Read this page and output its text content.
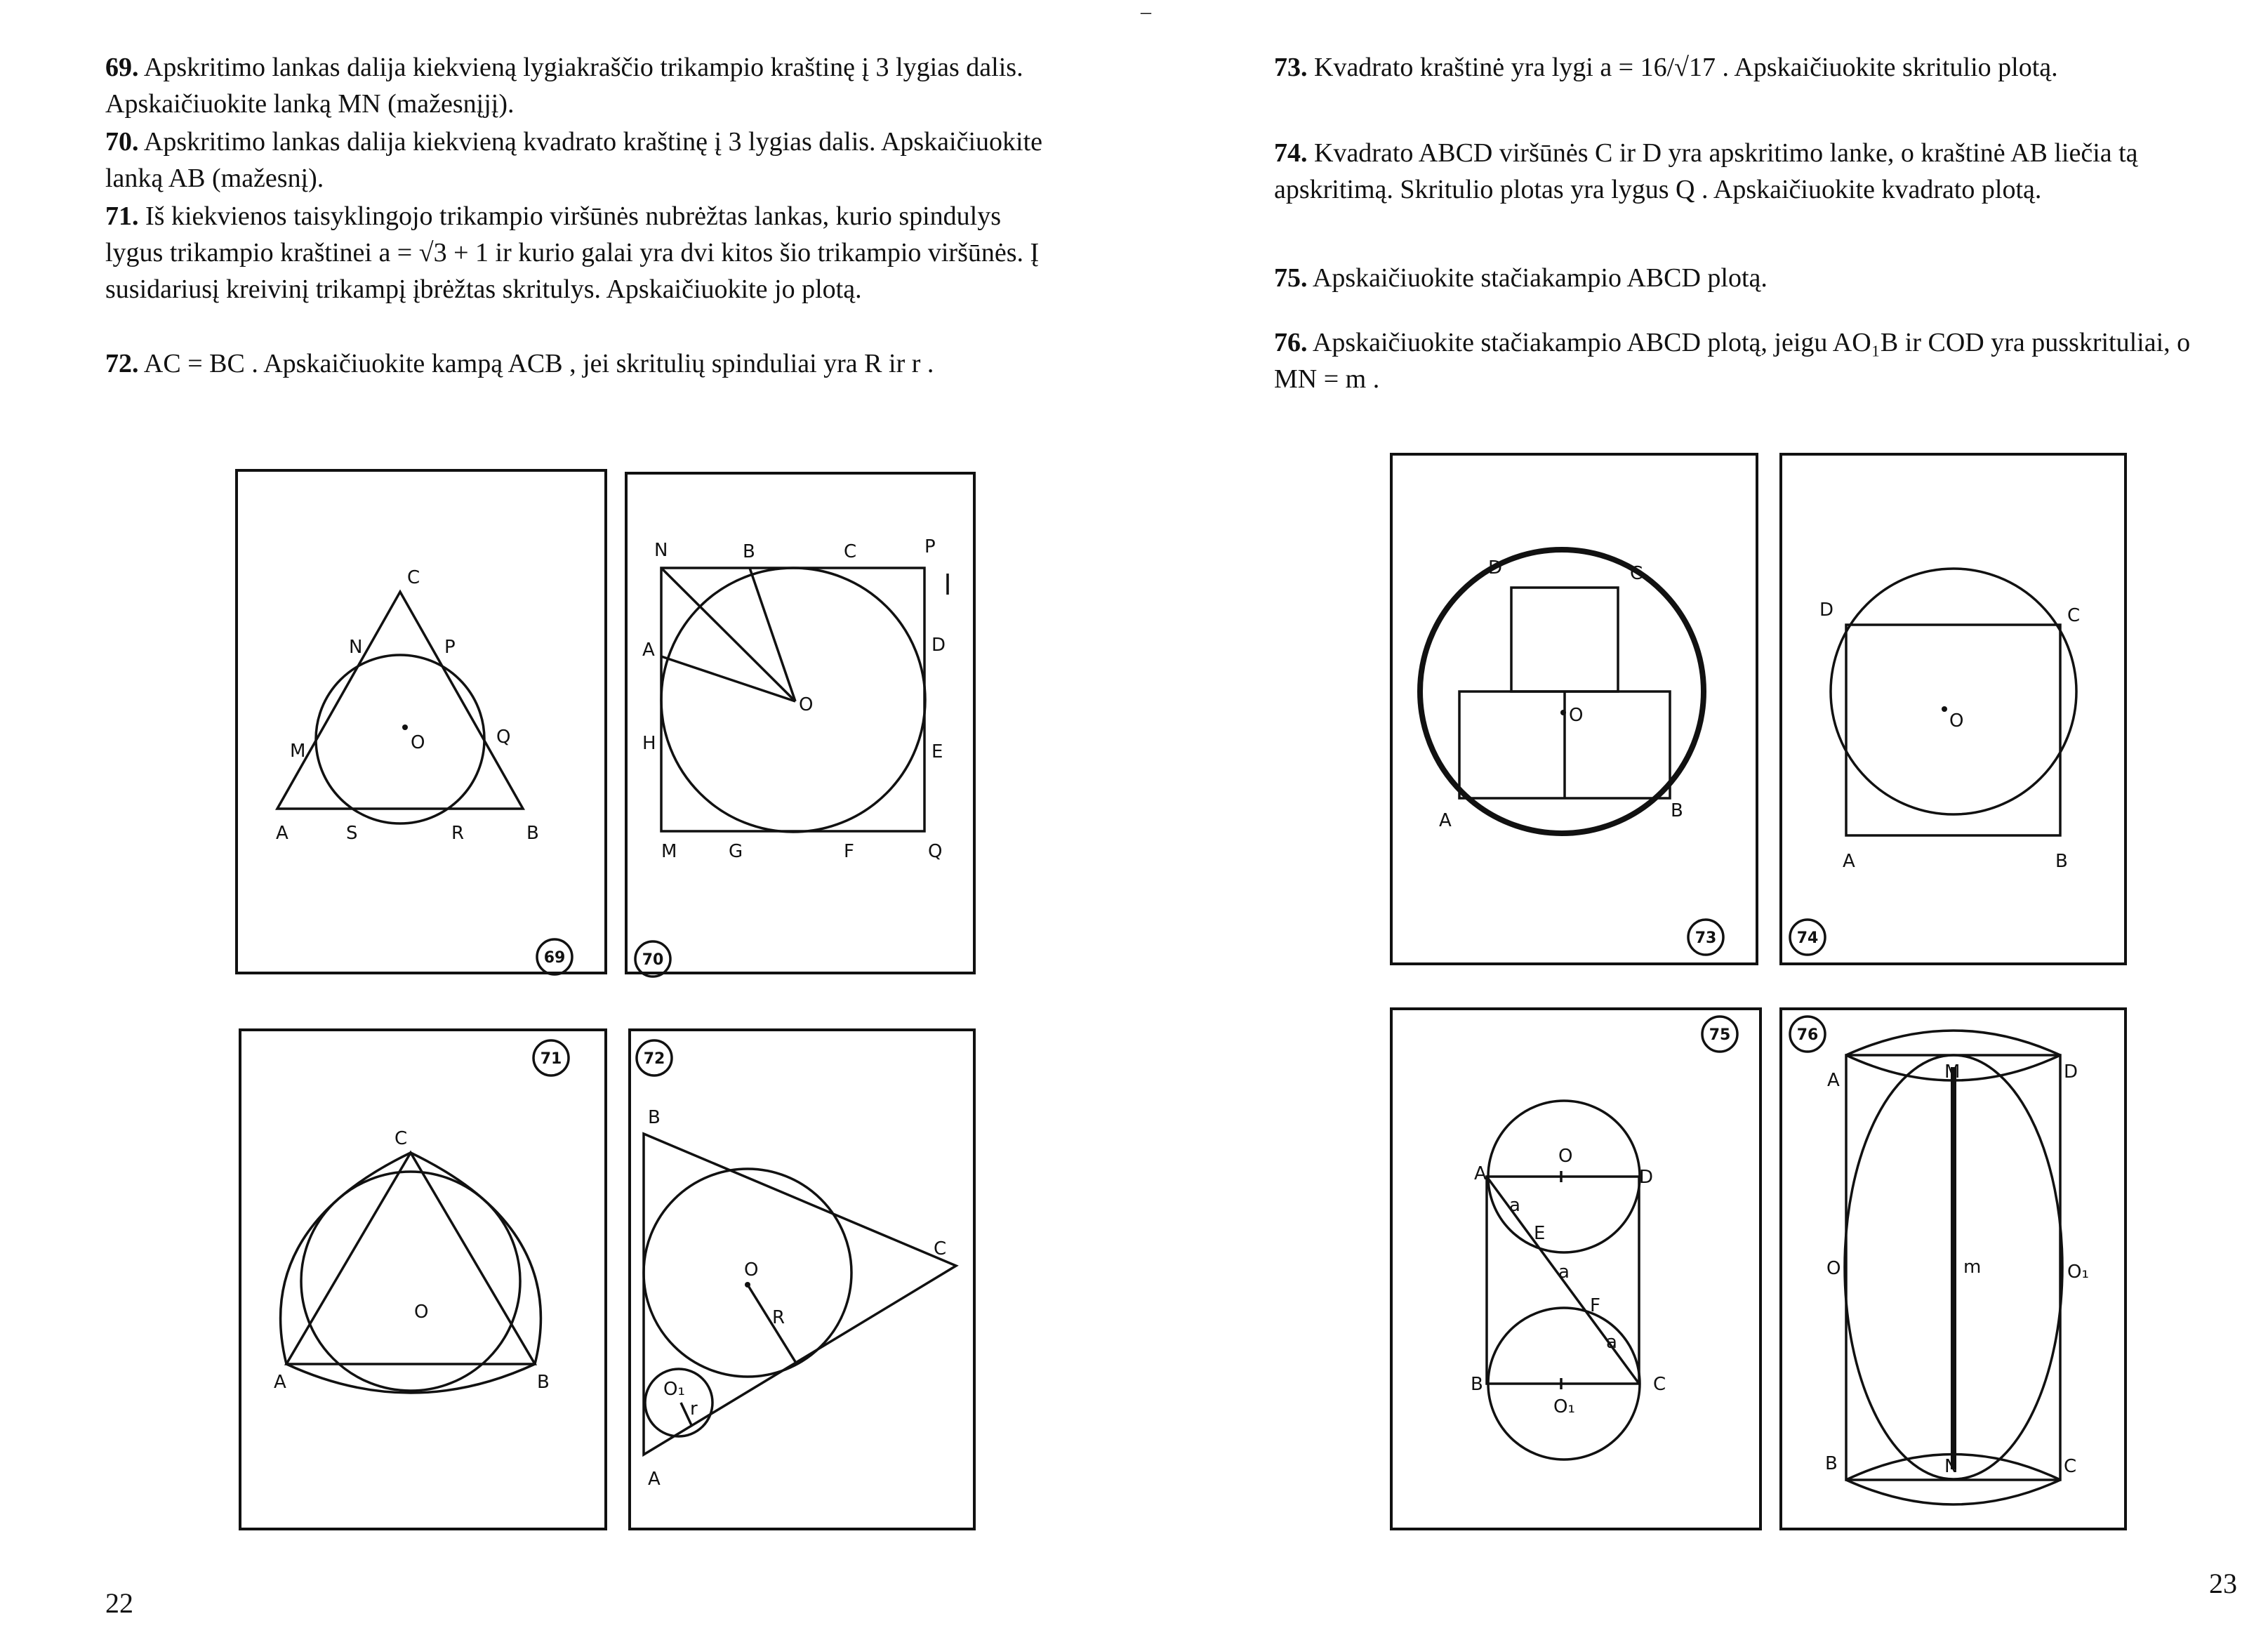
–
69. Apskritimo lankas dalija kiekvieną lygiakraščio trikampio kraštinę į 3 lygias dalis. Apskaičiuokite lanką MN (mažesnįjį).
70. Apskritimo lankas dalija kiekvieną kvadrato kraštinę į 3 lygias dalis. Apskaičiuokite lanką AB (mažesnį).
71. Iš kiekvienos taisyklingojo trikampio viršūnės nubrėžtas lankas, kurio spindulys lygus trikampio kraštinei a = √3 + 1 ir kurio galai yra dvi kitos šio trikampio viršūnės. Į susidariusį kreivinį trikampį įbrėžtas skritulys. Apskaičiuokite jo plotą.
72. AC = BC . Apskaičiuokite kampą ACB , jei skritulių spinduliai yra R ir r .
C
N	P
M
Q
O
A	S	R	B
69
N	B	C	P
A	D
O
H	E
M	G	F	Q
70
C
O
A	B
71
B
C
O
R
O₁
r
A
72
22
73. Kvadrato kraštinė yra lygi a = 16/√17 . Apskaičiuokite skritulio plotą.
74. Kvadrato ABCD viršūnės C ir D yra apskritimo lanke, o kraštinė AB liečia tą apskritimą. Skritulio plotas yra lygus Q . Apskaičiuokite kvadrato plotą.
75. Apskaičiuokite stačiakampio ABCD plotą.
76. Apskaičiuokite stačiakampio ABCD plotą, jeigu AO₁B ir COD yra pusskrituliai, o MN = m .
D	C
O
A	B
73
D	C
O
A	B
74
A
O
D
a
E
a
F
a
B	C
O₁
75
A	M	D
O	m	O₁
B	N	C
76
23
